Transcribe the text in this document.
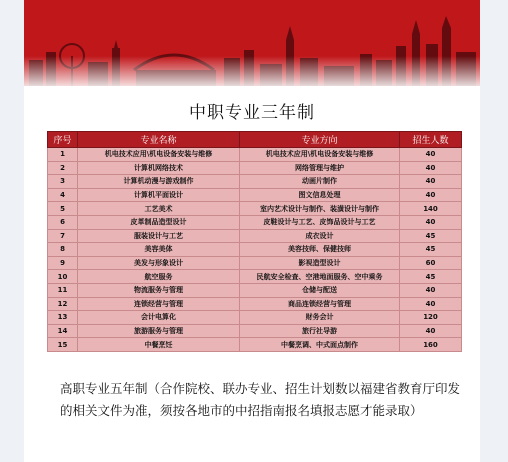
中职专业三年制
序号	专业名称	专业方向	招生人数
1	机电技术应用\机电设备安装与维修	机电技术应用\机电设备安装与维修	40
2	计算机网络技术	网络管理与维护	40
3	计算机动漫与游戏制作	动画片制作	40
4	计算机平面设计	图文信息处理	40
5	工艺美术	室内艺术设计与制作、装潢设计与制作	140
6	皮革制品造型设计	皮鞋设计与工艺、皮饰品设计与工艺	40
7	服装设计与工艺	成衣设计	45
8	美容美体	美容技师、保健技师	45
9	美发与形象设计	影视造型设计	60
10	航空服务	民航安全检查、空港地面服务、空中乘务	45
11	物流服务与管理	仓储与配送	40
12	连锁经营与管理	商品连锁经营与管理	40
13	会计电算化	财务会计	120
14	旅游服务与管理	旅行社导游	40
15	中餐烹饪	中餐烹调、中式面点制作	160
高职专业五年制（合作院校、联办专业、招生计划数以福建省教育厅印发的相关文件为准，须按各地市的中招指南报名填报志愿才能录取）
